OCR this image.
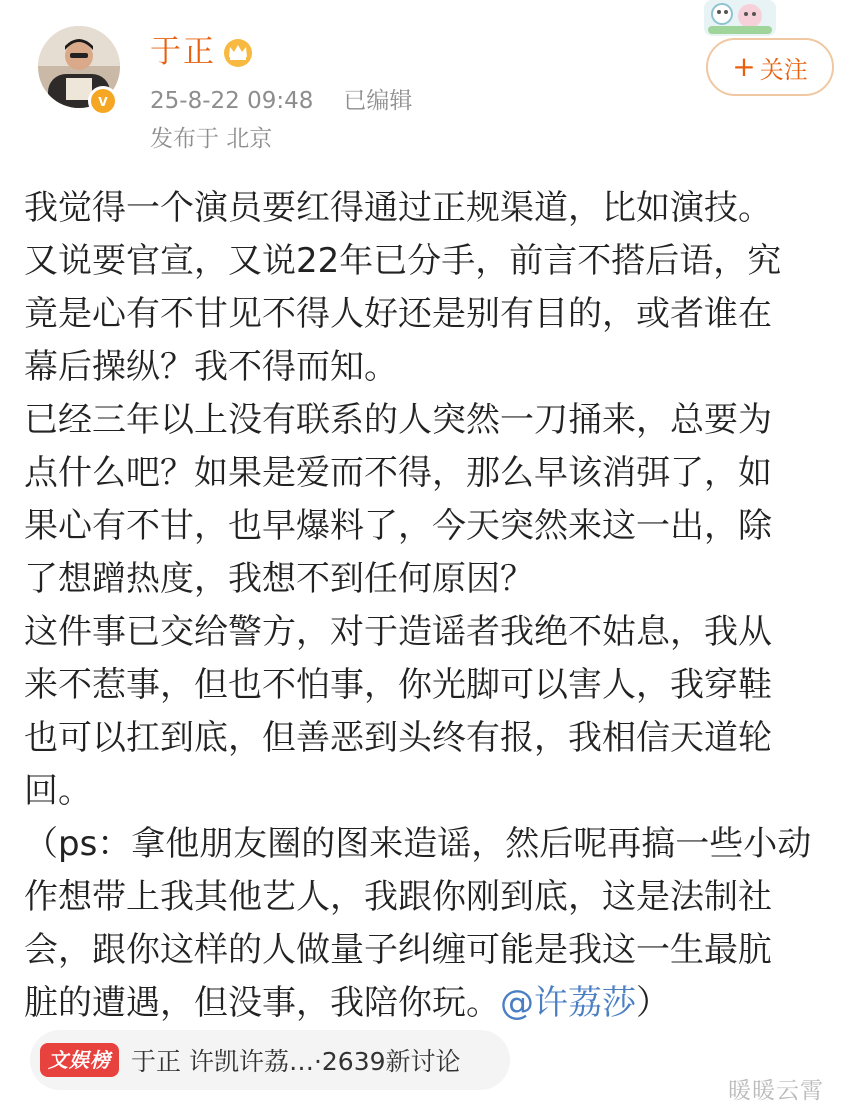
v
于正
25-8-22 09:48 已编辑
发布于 北京
+ 关注
我觉得一个演员要红得通过正规渠道，比如演技。
又说要官宣，又说22年已分手，前言不搭后语，究
竟是心有不甘见不得人好还是别有目的，或者谁在
幕后操纵？我不得而知。
已经三年以上没有联系的人突然一刀捅来，总要为
点什么吧？如果是爱而不得，那么早该消弭了，如
果心有不甘，也早爆料了，今天突然来这一出，除
了想蹭热度，我想不到任何原因？
这件事已交给警方，对于造谣者我绝不姑息，我从
来不惹事，但也不怕事，你光脚可以害人，我穿鞋
也可以扛到底，但善恶到头终有报，我相信天道轮
回。
（ps：拿他朋友圈的图来造谣，然后呢再搞一些小动
作想带上我其他艺人，我跟你刚到底，这是法制社
会，跟你这样的人做量子纠缠可能是我这一生最肮
脏的遭遇，但没事，我陪你玩。@许荔莎）
文娱榜 于正 许凯许荔… ·2639新讨论
暖暖云霄
